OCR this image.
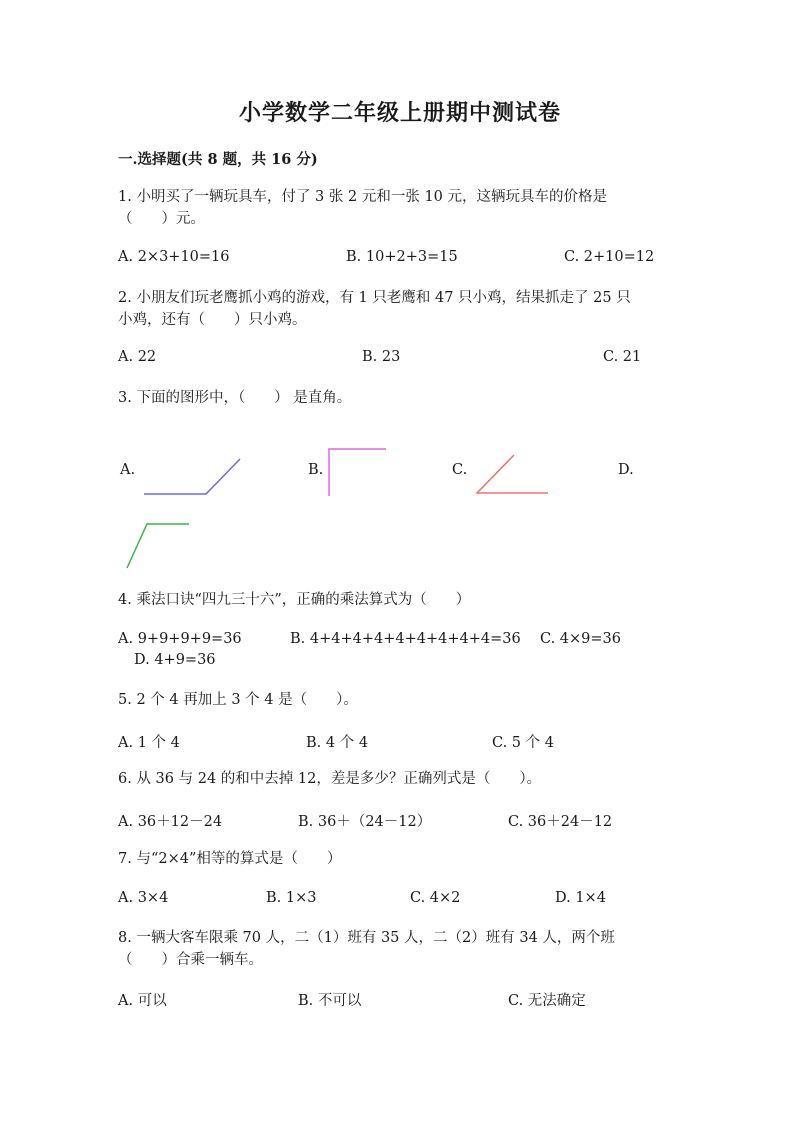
小学数学二年级上册期中测试卷
一.选择题(共 8 题，共 16 分)
1. 小明买了一辆玩具车，付了 3 张 2 元和一张 10 元，这辆玩具车的价格是
（　　）元。
A. 2×3+10=16	B. 10+2+3=15	C. 2+10=12
2. 小朋友们玩老鹰抓小鸡的游戏，有 1 只老鹰和 47 只小鸡，结果抓走了 25 只
小鸡，还有（　　）只小鸡。
A. 22	B. 23	C. 21
3. 下面的图形中，（　　） 是直角。
A.	B.	C.	D.
4. 乘法口诀“四九三十六”，正确的乘法算式为（　　）
A. 9+9+9+9=36	B. 4+4+4+4+4+4+4+4+4=36 C. 4×9=36
D. 4+9=36
5. 2 个 4 再加上 3 个 4 是（　　）。
A. 1 个 4	B. 4 个 4	C. 5 个 4
6. 从 36 与 24 的和中去掉 12，差是多少？正确列式是（　　）。
A. 36＋12－24	B. 36＋（24－12）	C. 36＋24－12
7. 与“2×4”相等的算式是（　　）
A. 3×4	B. 1×3	C. 4×2	D. 1×4
8. 一辆大客车限乘 70 人，二（1）班有 35 人，二（2）班有 34 人，两个班
（　　）合乘一辆车。
A. 可以	B. 不可以	C. 无法确定
